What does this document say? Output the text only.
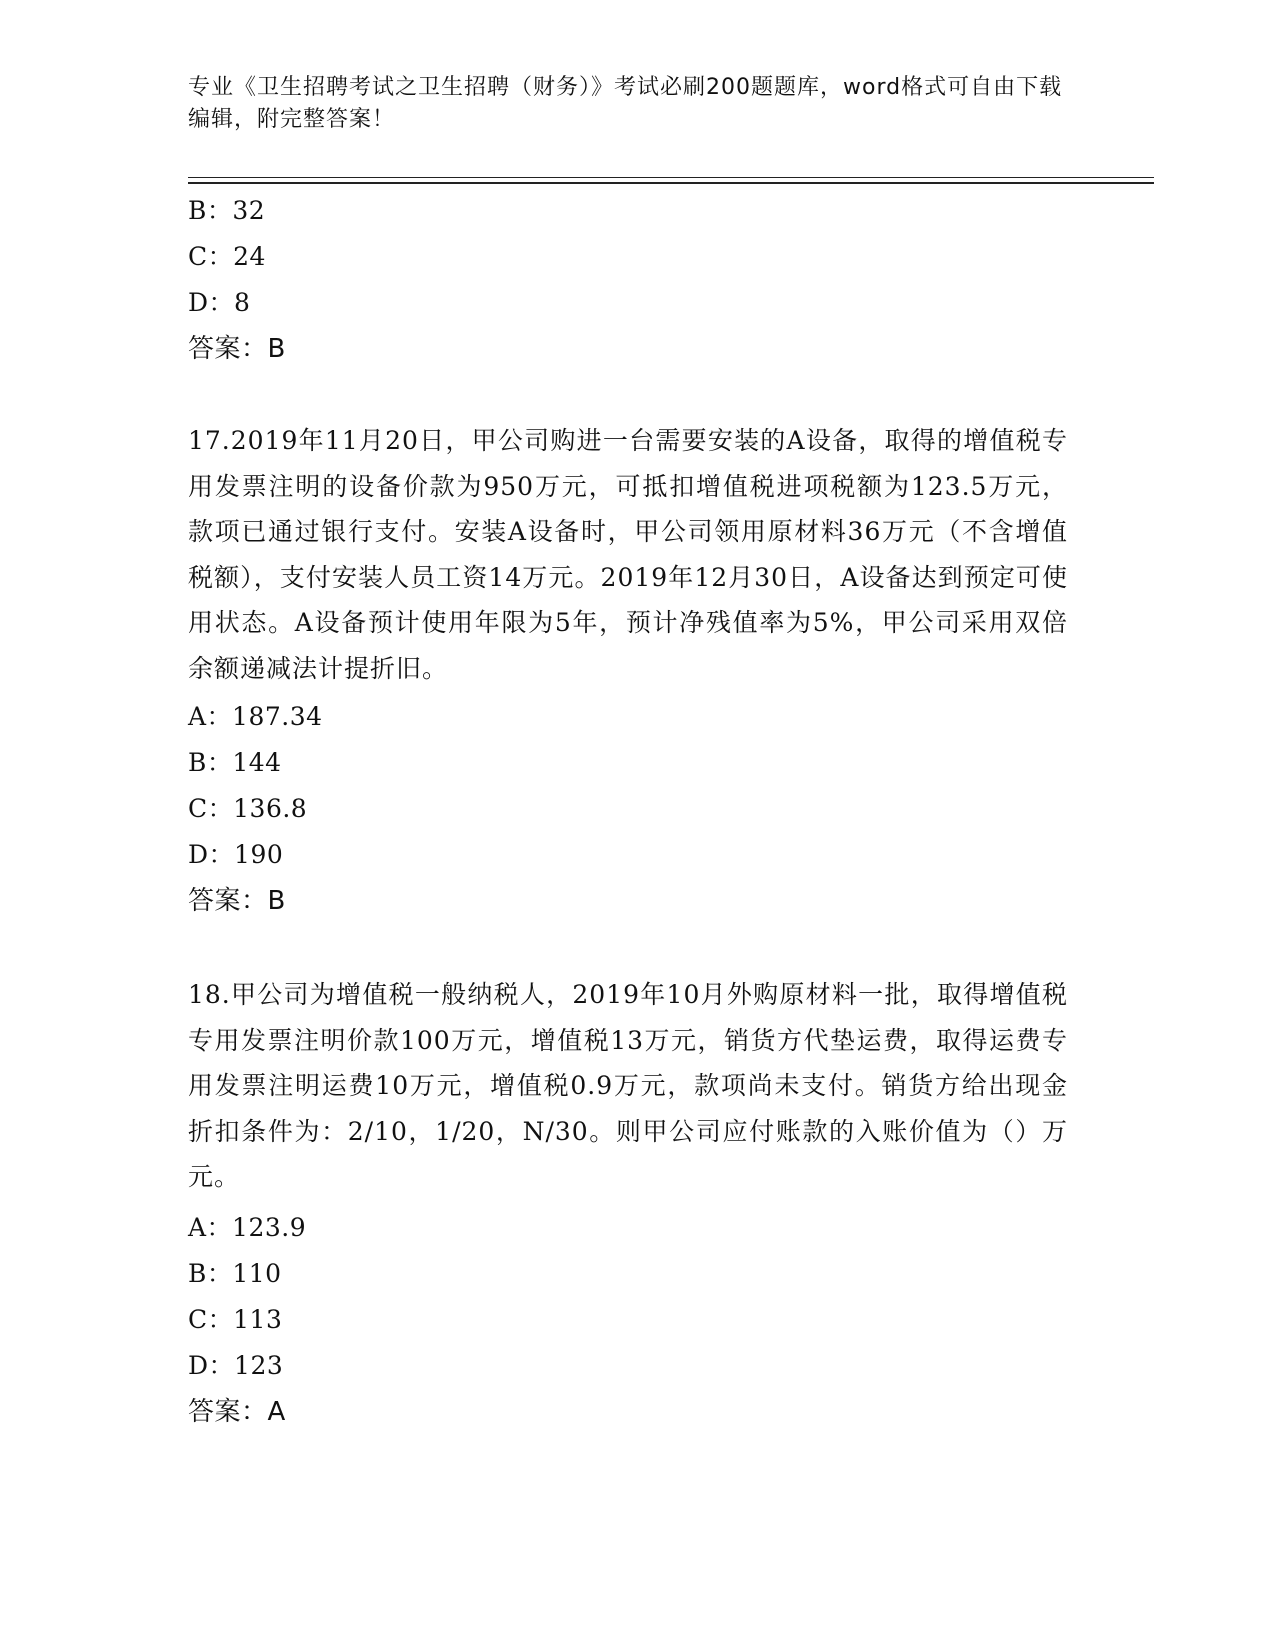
专业《卫生招聘考试之卫生招聘（财务）》考试必刷200题题库，word格式可自由下载编辑，附完整答案！
B：32
C：24
D：8
答案：B
17.2019年11月20日，甲公司购进一台需要安装的A设备，取得的增值税专用发票注明的设备价款为950万元，可抵扣增值税进项税额为123.5万元，款项已通过银行支付。安装A设备时，甲公司领用原材料36万元（不含增值税额），支付安装人员工资14万元。2019年12月30日，A设备达到预定可使用状态。A设备预计使用年限为5年，预计净残值率为5%，甲公司采用双倍余额递减法计提折旧。
A：187.34
B：144
C：136.8
D：190
答案：B
18.甲公司为增值税一般纳税人，2019年10月外购原材料一批，取得增值税专用发票注明价款100万元，增值税13万元，销货方代垫运费，取得运费专用发票注明运费10万元，增值税0.9万元，款项尚未支付。销货方给出现金折扣条件为：2/10，1/20，N/30。则甲公司应付账款的入账价值为（）万元。
A：123.9
B：110
C：113
D：123
答案：A
